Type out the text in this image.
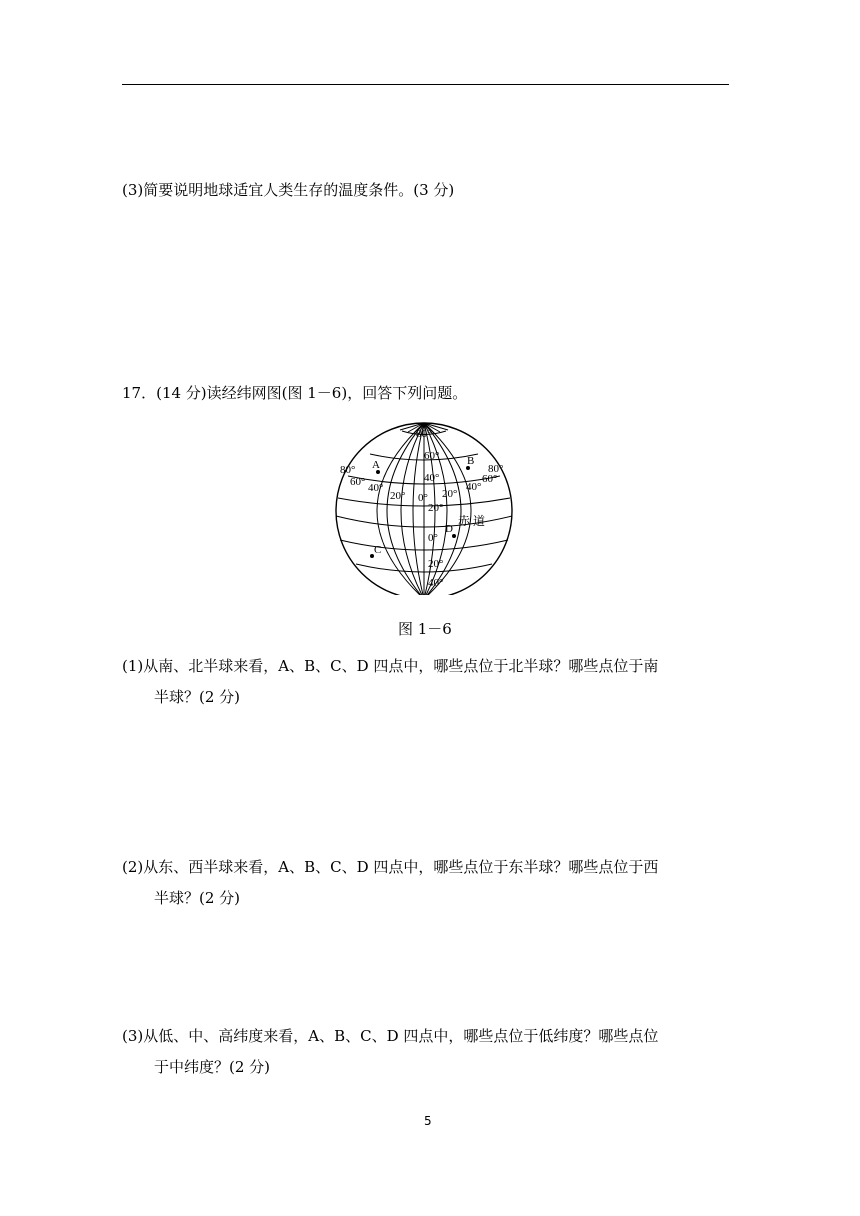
(3)简要说明地球适宜人类生存的温度条件。(3 分)
17．(14 分)读经纬网图(图 1－6)，回答下列问题。
80°
60°
40°
20°
0°
20°
40°
80°
60° 40°
20° 0° 20°
40°
60°
80°
A	B
C
D
赤 道
图 1－6
(1)从南、北半球来看，A、B、C、D 四点中，哪些点位于北半球？哪些点位于南
半球？(2 分)
(2)从东、西半球来看，A、B、C、D 四点中，哪些点位于东半球？哪些点位于西
半球？(2 分)
(3)从低、中、高纬度来看，A、B、C、D 四点中，哪些点位于低纬度？哪些点位
于中纬度？(2 分)
5
